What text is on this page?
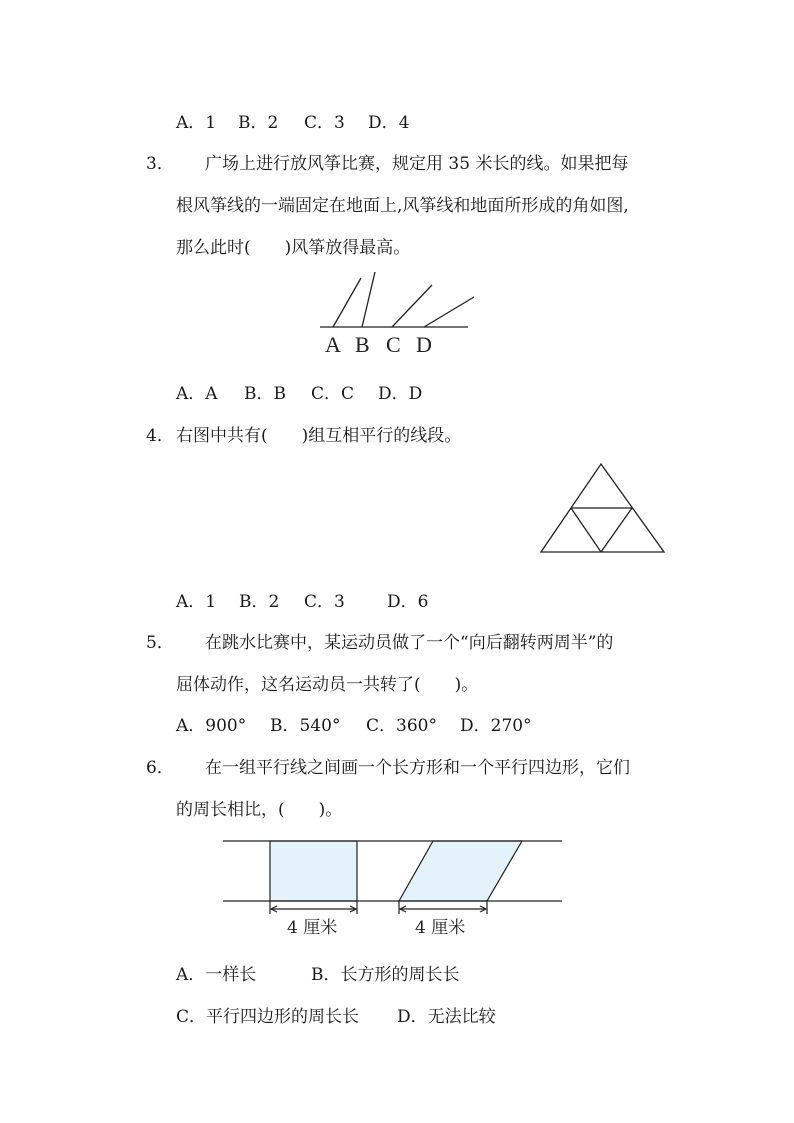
A．1 B．2 C．3 D．4
3． 广场上进行放风筝比赛，规定用 35 米长的线。如果把每
根风筝线的一端固定在地面上,风筝线和地面所形成的角如图,
那么此时(　　)风筝放得最高。
A B C D
A．A B．B C．C D．D
4． 右图中共有(　　)组互相平行的线段。
A．1 B．2 C．3 D．6
5． 在跳水比赛中，某运动员做了一个“向后翻转两周半”的
屈体动作，这名运动员一共转了(　　)。
A．900° B．540° C．360° D．270°
6． 在一组平行线之间画一个长方形和一个平行四边形，它们
的周长相比，(　　)。
4 厘米	4 厘米
A．一样长	B．长方形的周长长
C．平行四边形的周长长 D．无法比较
